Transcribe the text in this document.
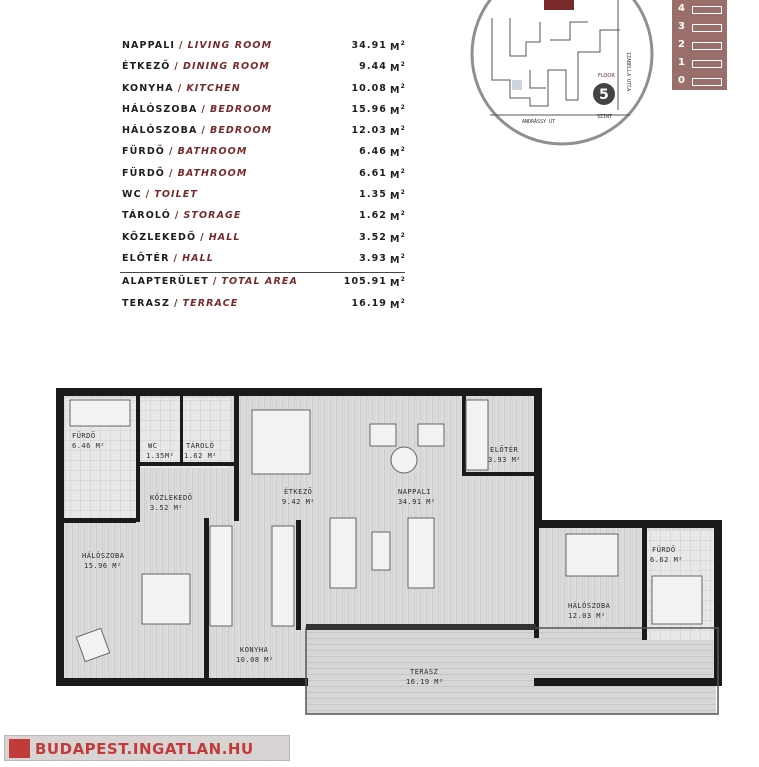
NAPPALI / LIVING ROOM	34.91 $M^2$
ÉTKEZŐ / DINING ROOM	9.44 $M^2$
KONYHA / KITCHEN	10.08 $M^2$
HÁLÓSZOBA / BEDROOM	15.96 $M^2$
HÁLÓSZOBA / BEDROOM	12.03 $M^2$
FÜRDŐ / BATHROOM	6.46 $M^2$
FÜRDŐ / BATHROOM	6.61 $M^2$
WC / TOILET	1.35 $M^2$
TÁROLÓ / STORAGE	1.62 $M^2$
KÖZLEKEDŐ / HALL	3.52 $M^2$
ELŐTÉR / HALL	3.93 $M^2$
ALAPTERÜLET / TOTAL AREA	105.91 $M^2$
TERASZ / TERRACE	16.19 $M^2$
ANDRÁSSY ÚT
IZABELLA UTCA
FLOOR
5
SZINT
4
3
2
1
0
FÜRDŐ
6.46 M²	WC
1.35M²
TÁROLÓ
1.62 M²
KÖZLEKEDŐ
3.52 M²
ÉTKEZŐ
9.42 M²
NAPPALI
34.91 M²
ELŐTÉR
3.93 M²
HÁLÓSZOBA
15.96 M²
KONYHA
10.08 M²
HÁLÓSZOBA
12.03 M²
FÜRDŐ
6.62 M²
TERASZ
16.19 M²
BUDAPEST.INGATLAN.HU
